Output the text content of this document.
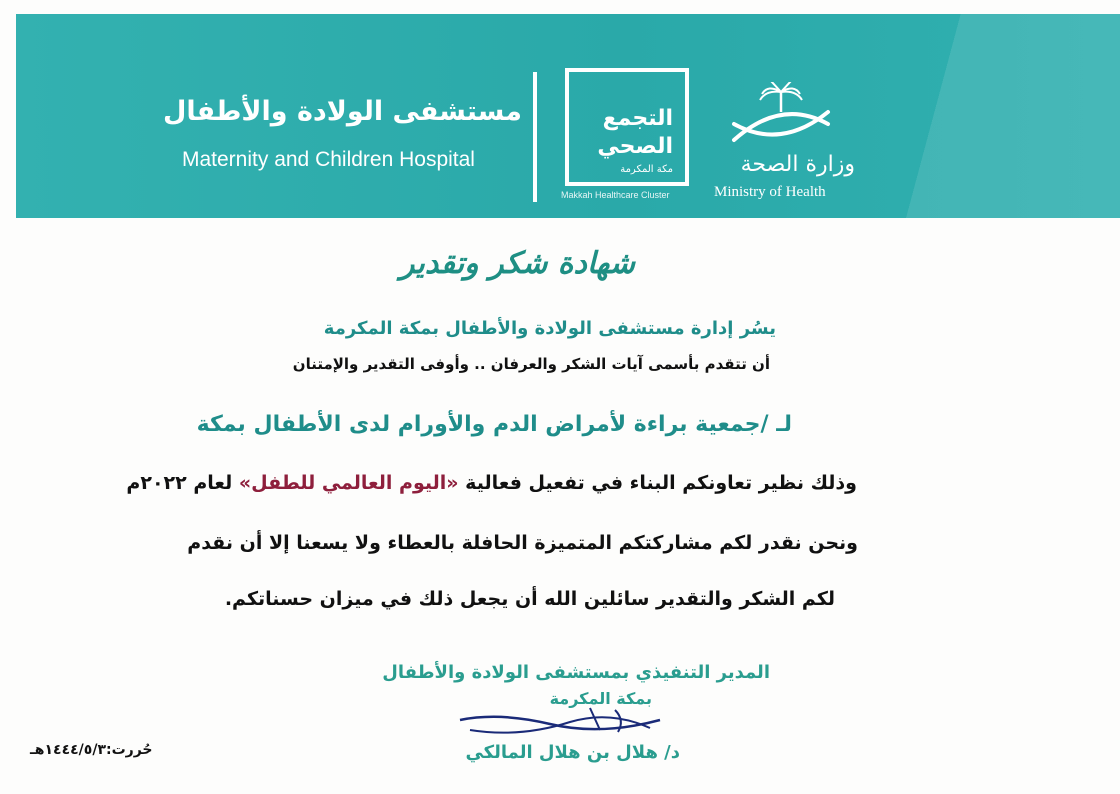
مستشفى الولادة والأطفال
Maternity and Children Hospital
التجمع
الصحي
مكة المكرمة
Makkah Healthcare Cluster
وزارة الصحة
Ministry of Health
شهادة شكر وتقدير
يسُر إدارة مستشفى الولادة والأطفال بمكة المكرمة
أن تتقدم بأسمى آيات الشكر والعرفان .. وأوفى التقدير والإمتنان
لـ /جمعية براءة لأمراض الدم والأورام لدى الأطفال بمكة
وذلك نظير تعاونكم البناء في تفعيل فعالية «اليوم العالمي للطفل» لعام ٢٠٢٢م
ونحن نقدر لكم مشاركتكم المتميزة الحافلة بالعطاء ولا يسعنا إلا أن نقدم
لكم الشكر والتقدير سائلين الله أن يجعل ذلك في ميزان حسناتكم.
المدير التنفيذي بمستشفى الولادة والأطفال
بمكة المكرمة
د/ هلال بن هلال المالكي
حُررت:١٤٤٤/٥/٣هـ
